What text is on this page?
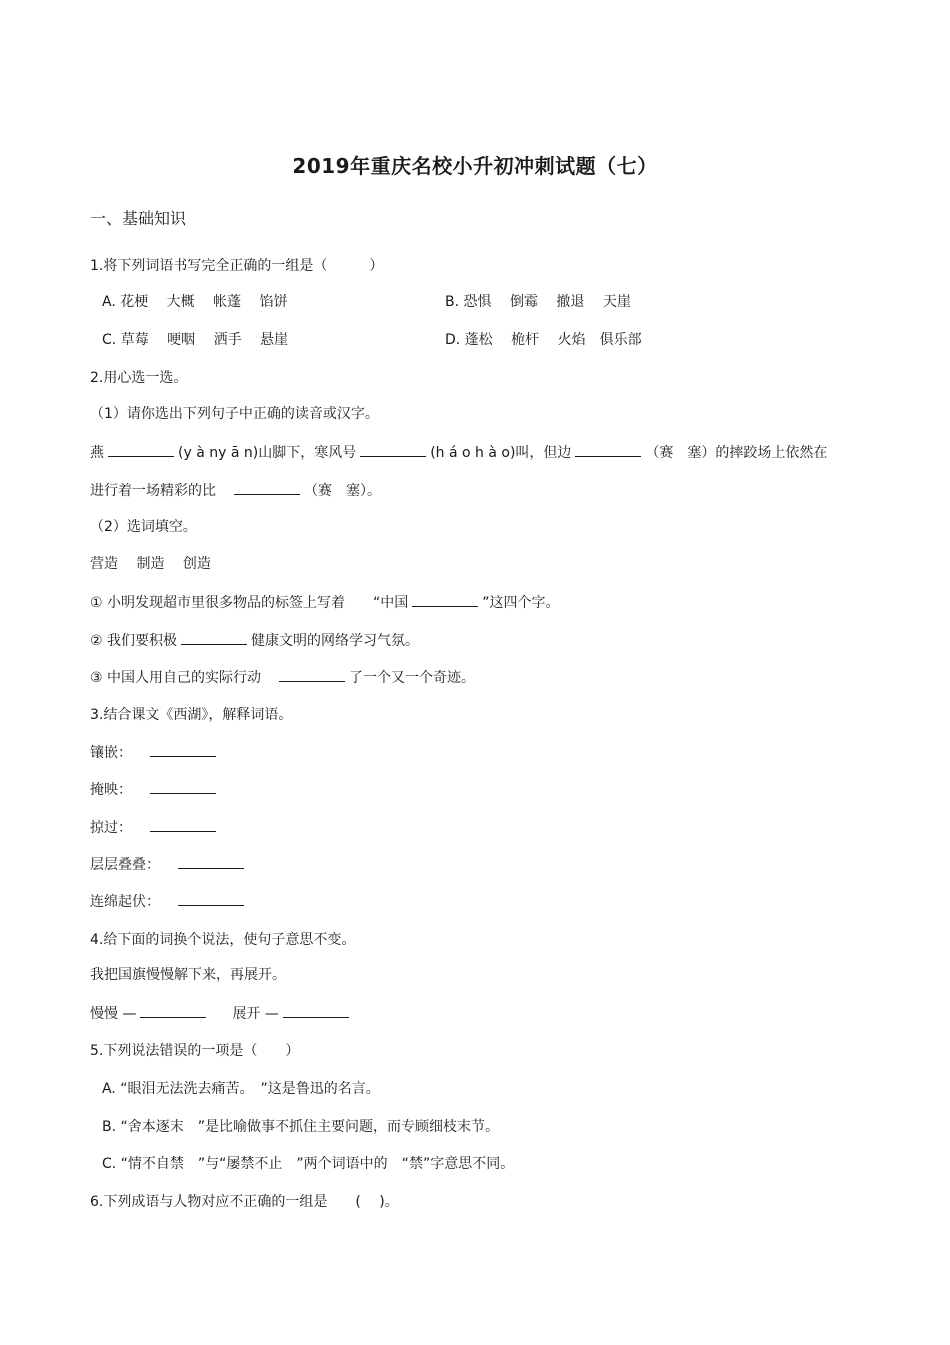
2019年重庆名校小升初冲刺试题（七）
一、基础知识
1.将下列词语书写完全正确的一组是（　　　）
A. 花梗　 大概　 帐蓬　 馅饼	B. 恐惧　 倒霉　 撤退　 天崖
C. 草莓　 哽咽　 洒手　 悬崖	D. 蓬松　 桅杆　 火焰　俱乐部
2.用心选一选。
（1）请你选出下列句子中正确的读音或汉字。
燕	(y à ny ā n)山脚下，寒风号	(h á o h à o)叫，但边	（赛　塞）的摔跤场上依然在
进行着一场精彩的比	（赛　塞）。
（2）选词填空。
营造　 制造　 创造
① 小明发现超市里很多物品的标签上写着　　“中国	”这四个字。
② 我们要积极	健康文明的网络学习气氛。
③ 中国人用自己的实际行动	了一个又一个奇迹。
3.结合课文《西湖》，解释词语。
镶嵌：
掩映：
掠过：
层层叠叠：
连绵起伏：
4.给下面的词换个说法，使句子意思不变。
我把国旗慢慢解下来，再展开。
慢慢 —	展开 —
5.下列说法错误的一项是（　　）
A. “眼泪无法洗去痛苦。　”这是鲁迅的名言。
B. “舍本逐末　”是比喻做事不抓住主要问题，而专顾细枝末节。
C. “情不自禁　”与“屡禁不止　”两个词语中的　“禁”字意思不同。
6.下列成语与人物对应不正确的一组是　　(　 )。
